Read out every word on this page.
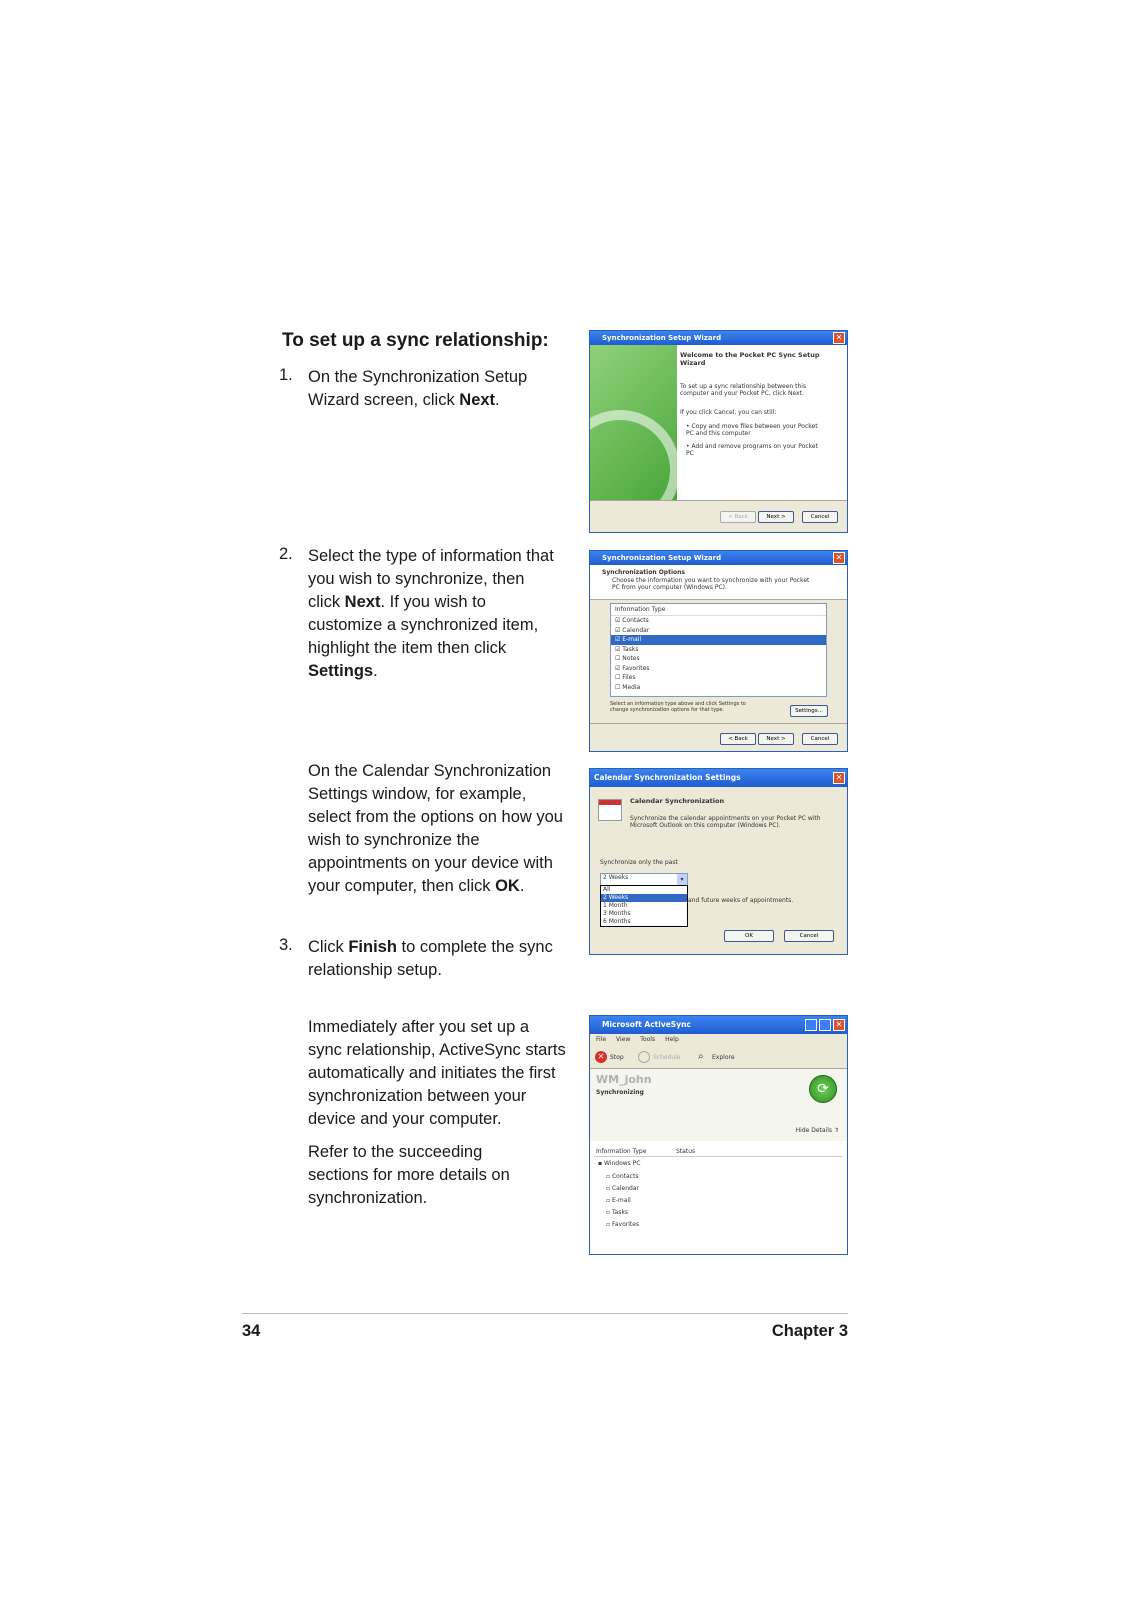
To set up a sync relationship:
1. On the Synchronization Setup Wizard screen, click Next.
2. Select the type of information that you wish to synchronize, then click Next. If you wish to customize a synchronized item, highlight the item then click Settings.
On the Calendar Synchronization Settings window, for example, select from the options on how you wish to synchronize the appointments on your device with your computer, then click OK.
3. Click Finish to complete the sync relationship setup.
Immediately after you set up a sync relationship, ActiveSync starts automatically and initiates the first synchronization between your device and your computer.
Refer to the succeeding sections for more details on synchronization.
Synchronization Setup Wizard	✕
Welcome to the Pocket PC Sync Setup Wizard
To set up a sync relationship between this computer and your Pocket PC, click Next.
If you click Cancel, you can still:
• Copy and move files between your Pocket PC and this computer
• Add and remove programs on your Pocket PC
< Back	Next >	Cancel
Synchronization Setup Wizard	✕
Synchronization Options
Choose the information you want to synchronize with your Pocket PC from your computer (Windows PC).
Information Type
☑ Contacts
☑ Calendar
☑ E-mail
☑ Tasks
☐ Notes
☑ Favorites
☐ Files
☐ Media
Select an information type above and click Settings to change synchronization options for that type.	Settings...
< Back	Next >	Cancel
Calendar Synchronization Settings	✕
Calendar Synchronization
Synchronize the calendar appointments on your Pocket PC with Microsoft Outlook on this computer (Windows PC).
Synchronize only the past
2 Weeks	▾
All
2 Weeks
1 Month
3 Months
6 Months
and future weeks of appointments.
OK	Cancel
Microsoft ActiveSync	✕
File View Tools Help
✕ Stop	Schedule ⌕ Explore
WM_john
Synchronizing	⟳
Hide Details ⇑
Information Type	Status
▪ Windows PC
▫ Contacts
▫ Calendar
▫ E-mail
▫ Tasks
▫ Favorites
34	Chapter 3
